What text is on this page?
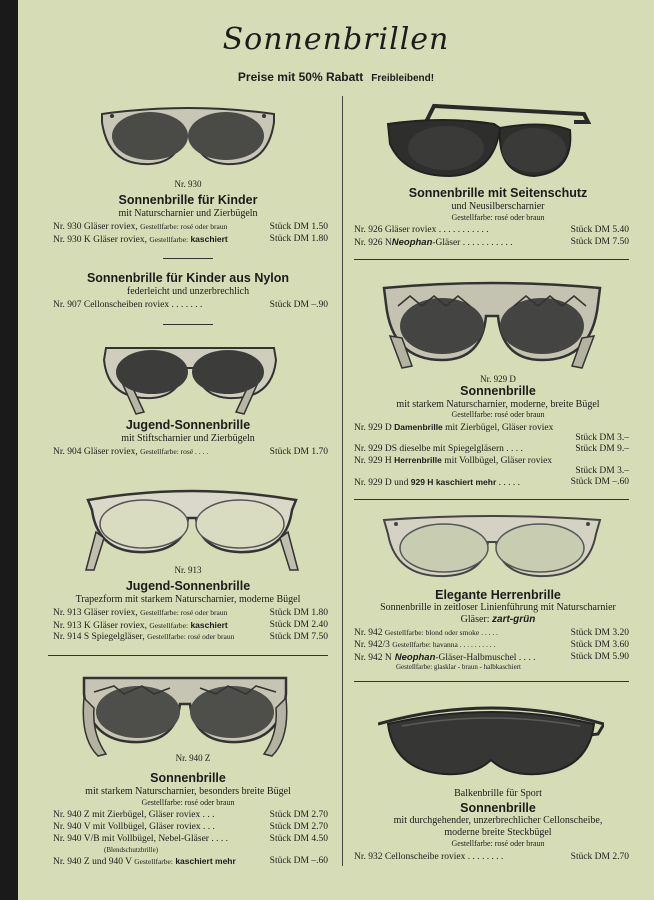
Sonnenbrillen
Preise mit 50% Rabatt Freibleibend!
Nr. 930
Sonnenbrille für Kinder
mit Naturscharnier und Zierbügeln
Nr. 930 Gläser roviex, Gestellfarbe: rosé oder braun	Stück DM 1.50
Nr. 930 K Gläser roviex, Gestellfarbe: kaschiert	Stück DM 1.80
Sonnenbrille für Kinder aus Nylon
federleicht und unzerbrechlich
Nr. 907 Cellonscheiben roviex . . . . . . .	Stück DM –.90
Jugend-Sonnenbrille
mit Stiftscharnier und Zierbügeln
Nr. 904 Gläser roviex, Gestellfarbe: rosé . . . .	Stück DM 1.70
Nr. 913
Jugend-Sonnenbrille
Trapezform mit starkem Naturscharnier, moderne Bügel
Nr. 913 Gläser roviex, Gestellfarbe: rosé oder braun	Stück DM 1.80
Nr. 913 K Gläser roviex, Gestellfarbe: kaschiert	Stück DM 2.40
Nr. 914 S Spiegelgläser, Gestellfarbe: rosé oder braun	Stück DM 7.50
Nr. 940 Z
Sonnenbrille
mit starkem Naturscharnier, besonders breite Bügel
Gestellfarbe: rosé oder braun
Nr. 940 Z mit Zierbügel, Gläser roviex . . .	Stück DM 2.70
Nr. 940 V mit Vollbügel, Gläser roviex . . .	Stück DM 2.70
Nr. 940 V/B mit Vollbügel, Nebel-Gläser . . . .	Stück DM 4.50
(Blendschutzbrille)
Nr. 940 Z und 940 V Gestellfarbe: kaschiert mehr	Stück DM –.60
Sonnenbrille mit Seitenschutz
und Neusilberscharnier
Gestellfarbe: rosé oder braun
Nr. 926 Gläser roviex . . . . . . . . . . .	Stück DM 5.40
Nr. 926 NNeophan-Gläser . . . . . . . . . . .	Stück DM 7.50
Nr. 929 D
Sonnenbrille
mit starkem Naturscharnier, moderne, breite Bügel
Gestellfarbe: rosé oder braun
Nr. 929 D Damenbrille mit Zierbügel, Gläser roviex
Stück DM 3.–
Nr. 929 DS dieselbe mit Spiegelgläsern . . . .	Stück DM 9.–
Nr. 929 H Herrenbrille mit Vollbügel, Gläser roviex
Stück DM 3.–
Nr. 929 D und 929 H kaschiert mehr . . . . .	Stück DM –.60
Elegante Herrenbrille
Sonnenbrille in zeitloser Linienführung mit Naturscharnier
Gläser: zart-grün
Nr. 942 Gestellfarbe: blond oder smoke . . . . .	Stück DM 3.20
Nr. 942/3 Gestellfarbe: havanna . . . . . . . . . .	Stück DM 3.60
Nr. 942 N Neophan-Gläser-Halbmuschel . . . .	Stück DM 5.90
Gestellfarbe: glasklar - braun - halbkaschiert
Balkenbrille für Sport
Sonnenbrille
mit durchgehender, unzerbrechlicher Cellonscheibe,
moderne breite Steckbügel
Gestellfarbe: rosé oder braun
Nr. 932 Cellonscheibe roviex . . . . . . . .	Stück DM 2.70
